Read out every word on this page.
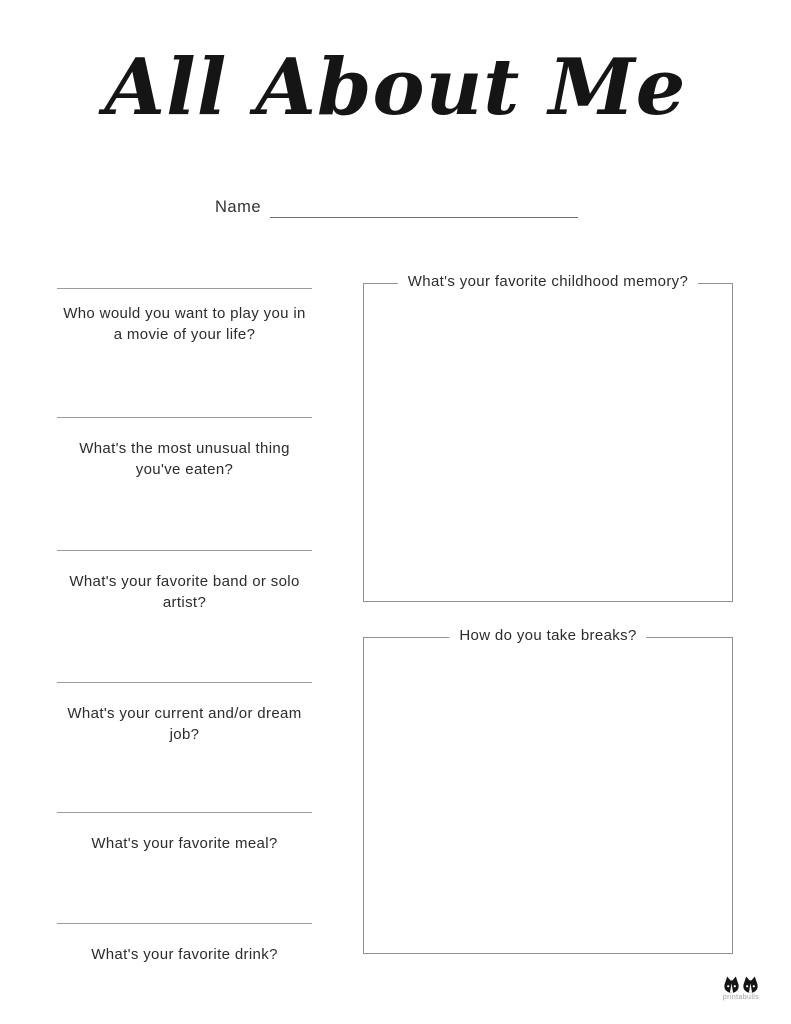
All About Me
Name

Who would you want to play you in a movie of your life?

What's the most unusual thing you've eaten?

What's your favorite band or solo artist?

What's your current and/or dream job?

What's your favorite meal?

What's your favorite drink?

What's your favorite childhood memory?
How do you take breaks?
printabulls
